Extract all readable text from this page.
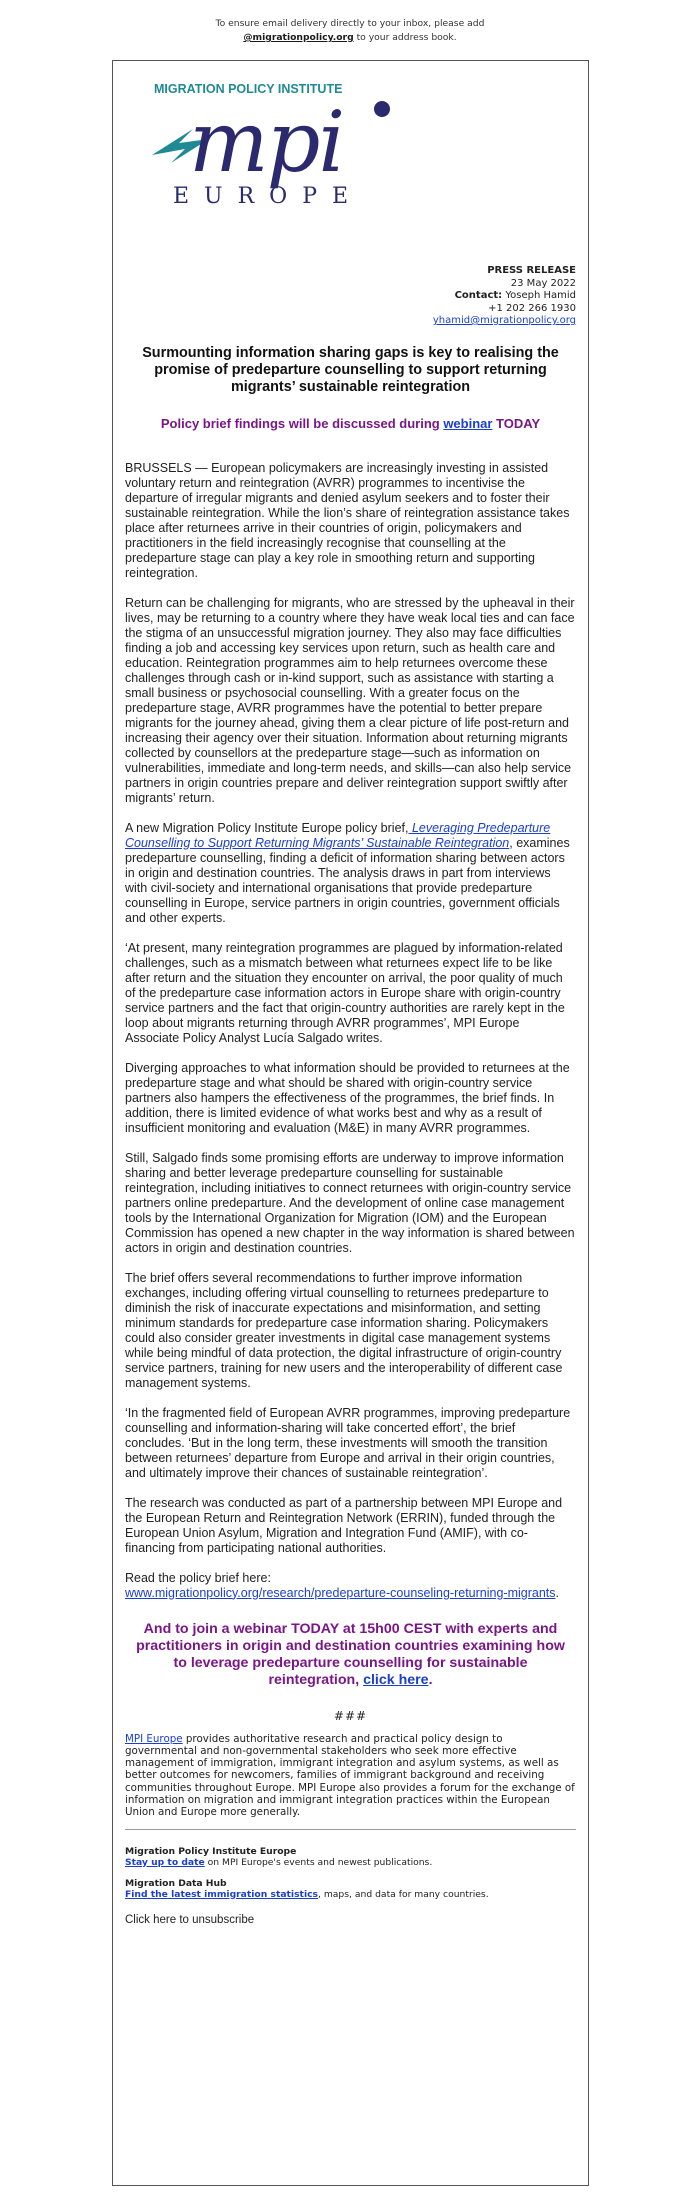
To ensure email delivery directly to your inbox, please add
@migrationpolicy.org to your address book.
MIGRATION POLICY INSTITUTE
mpi
EUROPE
PRESS RELEASE
23 May 2022
Contact: Yoseph Hamid
+1 202 266 1930
yhamid@migrationpolicy.org
Surmounting information sharing gaps is key to realising the promise of predeparture counselling to support returning migrants’ sustainable reintegration
Policy brief findings will be discussed during webinar TODAY

BRUSSELS — European policymakers are increasingly investing in assisted voluntary return and reintegration (AVRR) programmes to incentivise the departure of irregular migrants and denied asylum seekers and to foster their sustainable reintegration. While the lion’s share of reintegration assistance takes place after returnees arrive in their countries of origin, policymakers and practitioners in the field increasingly recognise that counselling at the predeparture stage can play a key role in smoothing return and supporting reintegration.

Return can be challenging for migrants, who are stressed by the upheaval in their lives, may be returning to a country where they have weak local ties and can face the stigma of an unsuccessful migration journey. They also may face difficulties finding a job and accessing key services upon return, such as health care and education. Reintegration programmes aim to help returnees overcome these challenges through cash or in-kind support, such as assistance with starting a small business or psychosocial counselling. With a greater focus on the predeparture stage, AVRR programmes have the potential to better prepare migrants for the journey ahead, giving them a clear picture of life post-return and increasing their agency over their situation. Information about returning migrants collected by counsellors at the predeparture stage—such as information on vulnerabilities, immediate and long-term needs, and skills—can also help service partners in origin countries prepare and deliver reintegration support swiftly after migrants’ return.

A new Migration Policy Institute Europe policy brief, Leveraging Predeparture Counselling to Support Returning Migrants’ Sustainable Reintegration, examines predeparture counselling, finding a deficit of information sharing between actors in origin and destination countries. The analysis draws in part from interviews with civil-society and international organisations that provide predeparture counselling in Europe, service partners in origin countries, government officials and other experts.

‘At present, many reintegration programmes are plagued by information-related challenges, such as a mismatch between what returnees expect life to be like after return and the situation they encounter on arrival, the poor quality of much of the predeparture case information actors in Europe share with origin-country service partners and the fact that origin-country authorities are rarely kept in the loop about migrants returning through AVRR programmes’, MPI Europe Associate Policy Analyst Lucía Salgado writes.

Diverging approaches to what information should be provided to returnees at the predeparture stage and what should be shared with origin-country service partners also hampers the effectiveness of the programmes, the brief finds. In addition, there is limited evidence of what works best and why as a result of insufficient monitoring and evaluation (M&E) in many AVRR programmes.

Still, Salgado finds some promising efforts are underway to improve information sharing and better leverage predeparture counselling for sustainable reintegration, including initiatives to connect returnees with origin-country service partners online predeparture. And the development of online case management tools by the International Organization for Migration (IOM) and the European Commission has opened a new chapter in the way information is shared between actors in origin and destination countries.

The brief offers several recommendations to further improve information exchanges, including offering virtual counselling to returnees predeparture to diminish the risk of inaccurate expectations and misinformation, and setting minimum standards for predeparture case information sharing. Policymakers could also consider greater investments in digital case management systems while being mindful of data protection, the digital infrastructure of origin-country service partners, training for new users and the interoperability of different case management systems.

‘In the fragmented field of European AVRR programmes, improving predeparture counselling and information-sharing will take concerted effort’, the brief concludes. ‘But in the long term, these investments will smooth the transition between returnees’ departure from Europe and arrival in their origin countries, and ultimately improve their chances of sustainable reintegration’.

The research was conducted as part of a partnership between MPI Europe and the European Return and Reintegration Network (ERRIN), funded through the European Union Asylum, Migration and Integration Fund (AMIF), with co-financing from participating national authorities.

Read the policy brief here:
www.migrationpolicy.org/research/predeparture-counseling-returning-migrants.

And to join a webinar TODAY at 15h00 CEST with experts and practitioners in origin and destination countries examining how to leverage predeparture counselling for sustainable reintegration, click here.
###
MPI Europe provides authoritative research and practical policy design to governmental and non-governmental stakeholders who seek more effective management of immigration, immigrant integration and asylum systems, as well as better outcomes for newcomers, families of immigrant background and receiving communities throughout Europe. MPI Europe also provides a forum for the exchange of information on migration and immigrant integration practices within the European Union and Europe more generally.
Migration Policy Institute Europe
Stay up to date on MPI Europe's events and newest publications.
Migration Data Hub
Find the latest immigration statistics, maps, and data for many countries.
Click here to unsubscribe
